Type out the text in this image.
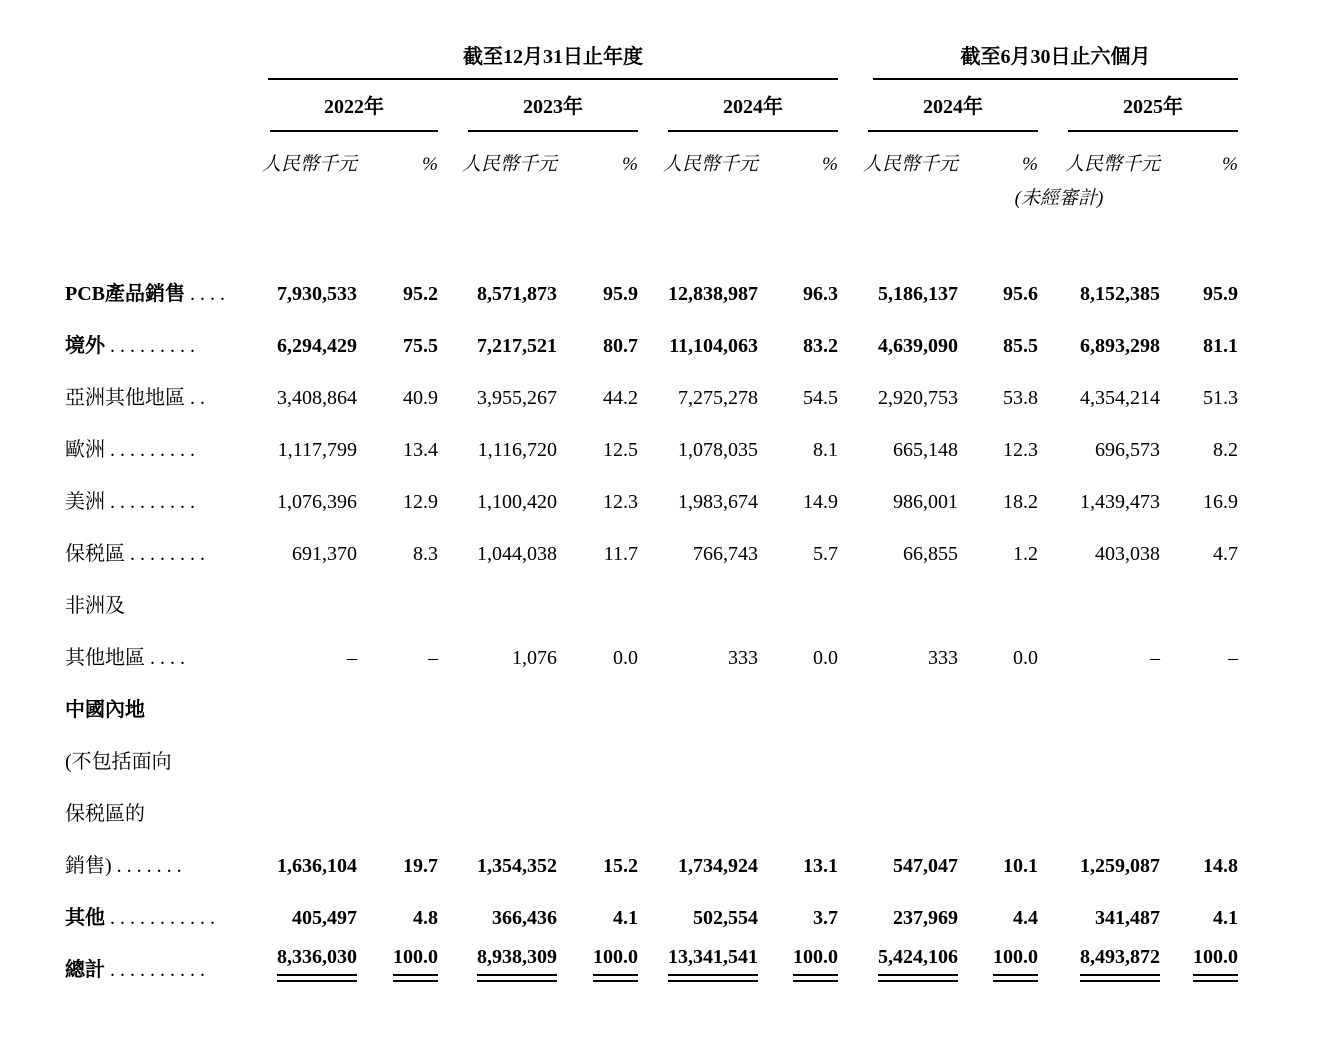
	截至12月31日止年度						截至6月30日止六個月			

	2022年		2023年		2024年		2024年		2025年	

	人民幣千元	%	人民幣千元	%	人民幣千元	%	人民幣千元	%	人民幣千元	%
								(未經審計)		

PCB產品銷售 ....	7,930,533	95.2	8,571,873	95.9	12,838,987	96.3	5,186,137	95.6	8,152,385	95.9
境外 .........	6,294,429	75.5	7,217,521	80.7	11,104,063	83.2	4,639,090	85.5	6,893,298	81.1
亞洲其他地區 ..	3,408,864	40.9	3,955,267	44.2	7,275,278	54.5	2,920,753	53.8	4,354,214	51.3
歐洲 .........	1,117,799	13.4	1,116,720	12.5	1,078,035	8.1	665,148	12.3	696,573	8.2
美洲 .........	1,076,396	12.9	1,100,420	12.3	1,983,674	14.9	986,001	18.2	1,439,473	16.9
保税區 ........	691,370	8.3	1,044,038	11.7	766,743	5.7	66,855	1.2	403,038	4.7
非洲及										
其他地區 ....	–	–	1,076	0.0	333	0.0	333	0.0	–	–
中國內地										
(不包括面向										
保税區的										
銷售) .......	1,636,104	19.7	1,354,352	15.2	1,734,924	13.1	547,047	10.1	1,259,087	14.8
其他 ...........	405,497	4.8	366,436	4.1	502,554	3.7	237,969	4.4	341,487	4.1
總計 ..........	8,336,030	100.0	8,938,309	100.0	13,341,541	100.0	5,424,106	100.0	8,493,872	100.0
